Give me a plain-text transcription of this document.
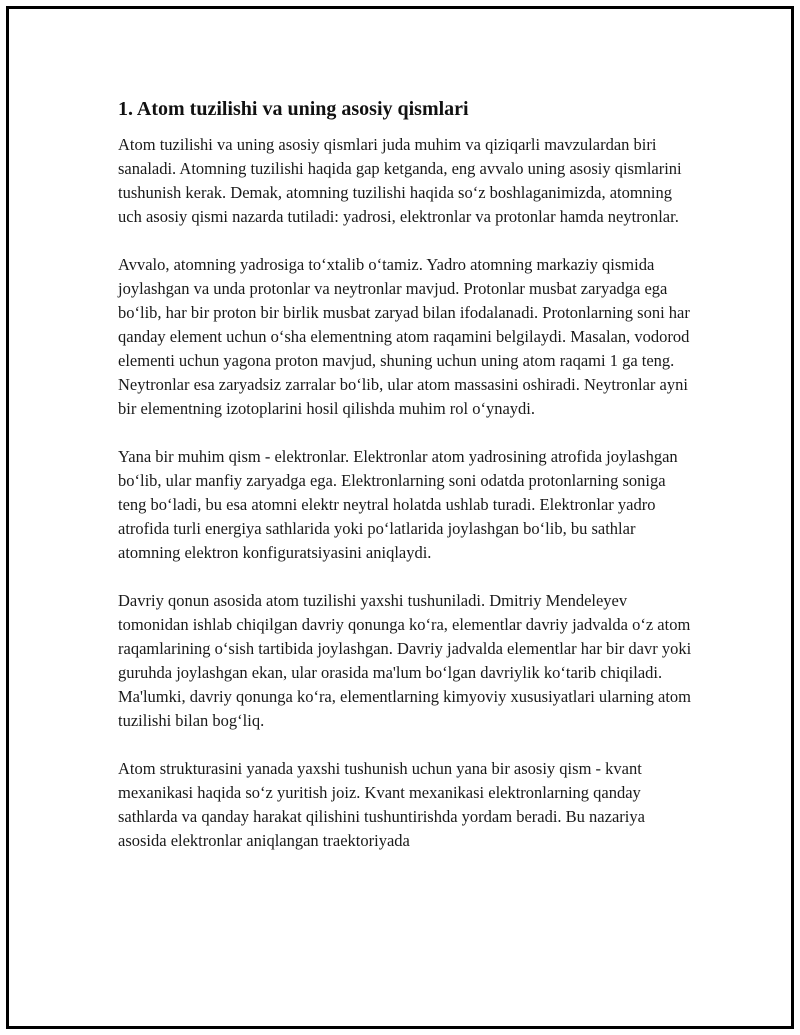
1. Atom tuzilishi va uning asosiy qismlari

Atom tuzilishi va uning asosiy qismlari juda muhim va qiziqarli mavzulardan biri sanaladi. Atomning tuzilishi haqida gap ketganda, eng avvalo uning asosiy qismlarini tushunish kerak. Demak, atomning tuzilishi haqida so‘z boshlaganimizda, atomning uch asosiy qismi nazarda tutiladi: yadrosi, elektronlar va protonlar hamda neytronlar.

Avvalo, atomning yadrosiga to‘xtalib o‘tamiz. Yadro atomning markaziy qismida joylashgan va unda protonlar va neytronlar mavjud. Protonlar musbat zaryadga ega bo‘lib, har bir proton bir birlik musbat zaryad bilan ifodalanadi. Protonlarning soni har qanday element uchun o‘sha elementning atom raqamini belgilaydi. Masalan, vodorod elementi uchun yagona proton mavjud, shuning uchun uning atom raqami 1 ga teng. Neytronlar esa zaryadsiz zarralar bo‘lib, ular atom massasini oshiradi. Neytronlar ayni bir elementning izotoplarini hosil qilishda muhim rol o‘ynaydi.

Yana bir muhim qism - elektronlar. Elektronlar atom yadrosining atrofida joylashgan bo‘lib, ular manfiy zaryadga ega. Elektronlarning soni odatda protonlarning soniga teng bo‘ladi, bu esa atomni elektr neytral holatda ushlab turadi. Elektronlar yadro atrofida turli energiya sathlarida yoki po‘latlarida joylashgan bo‘lib, bu sathlar atomning elektron konfiguratsiyasini aniqlaydi.

Davriy qonun asosida atom tuzilishi yaxshi tushuniladi. Dmitriy Mendeleyev tomonidan ishlab chiqilgan davriy qonunga ko‘ra, elementlar davriy jadvalda o‘z atom raqamlarining o‘sish tartibida joylashgan. Davriy jadvalda elementlar har bir davr yoki guruhda joylashgan ekan, ular orasida ma'lum bo‘lgan davriylik ko‘tarib chiqiladi. Ma'lumki, davriy qonunga ko‘ra, elementlarning kimyoviy xususiyatlari ularning atom tuzilishi bilan bog‘liq.

Atom strukturasini yanada yaxshi tushunish uchun yana bir asosiy qism - kvant mexanikasi haqida so‘z yuritish joiz. Kvant mexanikasi elektronlarning qanday sathlarda va qanday harakat qilishini tushuntirishda yordam beradi. Bu nazariya asosida elektronlar aniqlangan traektoriyada
